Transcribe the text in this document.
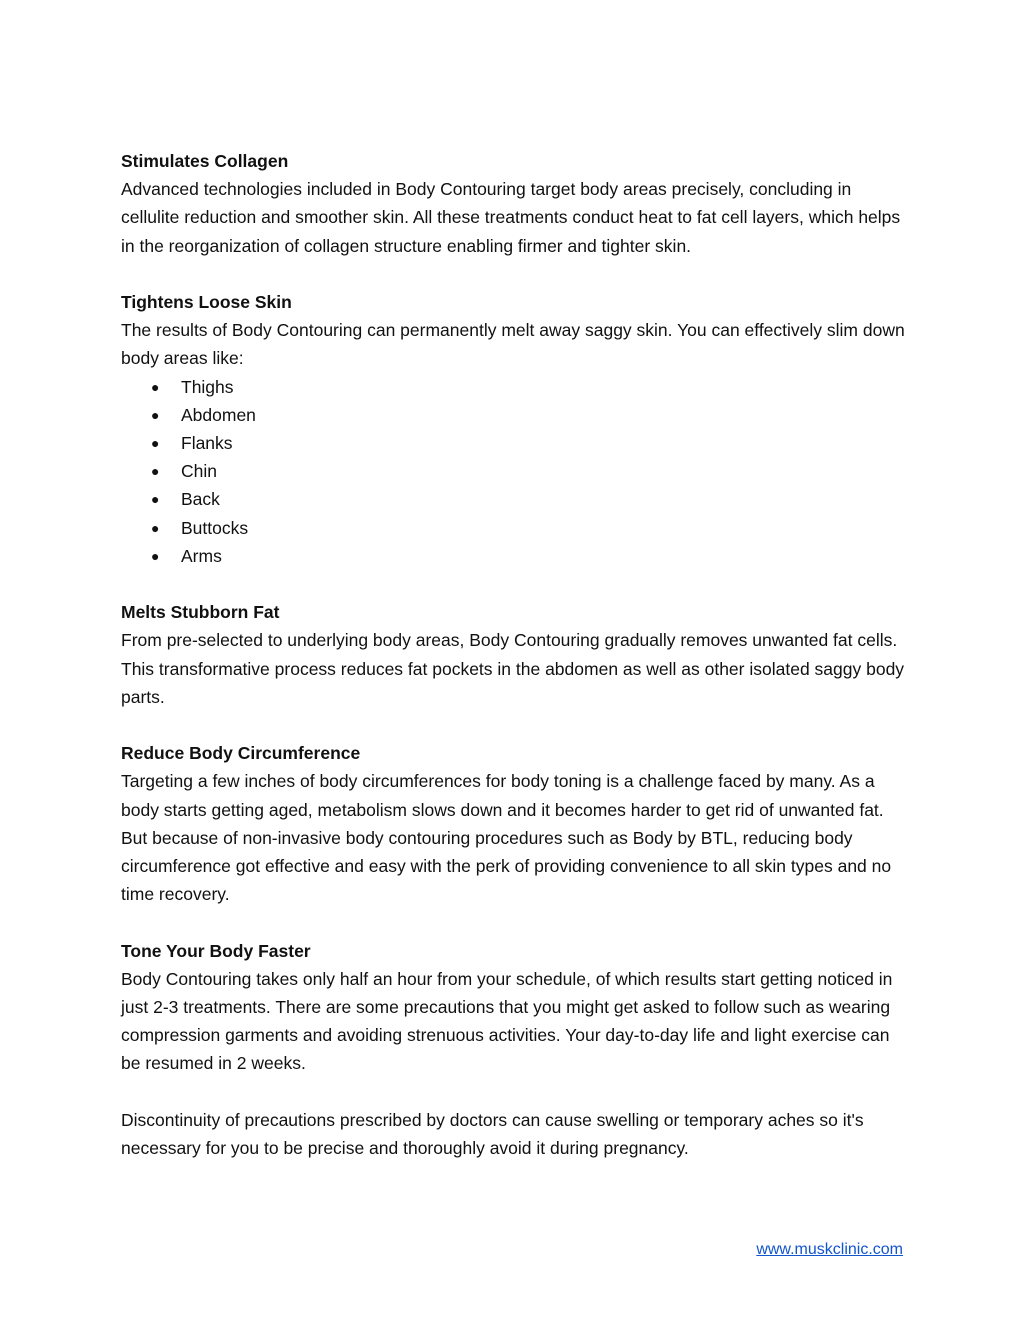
Stimulates Collagen
Advanced technologies included in Body Contouring target body areas precisely, concluding in cellulite reduction and smoother skin. All these treatments conduct heat to fat cell layers, which helps in the reorganization of collagen structure enabling firmer and tighter skin.
Tightens Loose Skin
The results of Body Contouring can permanently melt away saggy skin. You can effectively slim down body areas like:
● Thighs
● Abdomen
● Flanks
● Chin
● Back
● Buttocks
● Arms
Melts Stubborn Fat
From pre-selected to underlying body areas, Body Contouring gradually removes unwanted fat cells. This transformative process reduces fat pockets in the abdomen as well as other isolated saggy body parts.
Reduce Body Circumference
Targeting a few inches of body circumferences for body toning is a challenge faced by many. As a body starts getting aged, metabolism slows down and it becomes harder to get rid of unwanted fat. But because of non-invasive body contouring procedures such as Body by BTL, reducing body circumference got effective and easy with the perk of providing convenience to all skin types and no time recovery.
Tone Your Body Faster
Body Contouring takes only half an hour from your schedule, of which results start getting noticed in just 2-3 treatments. There are some precautions that you might get asked to follow such as wearing compression garments and avoiding strenuous activities. Your day-to-day life and light exercise can be resumed in 2 weeks.
Discontinuity of precautions prescribed by doctors can cause swelling or temporary aches so it's necessary for you to be precise and thoroughly avoid it during pregnancy.
www.muskclinic.com
